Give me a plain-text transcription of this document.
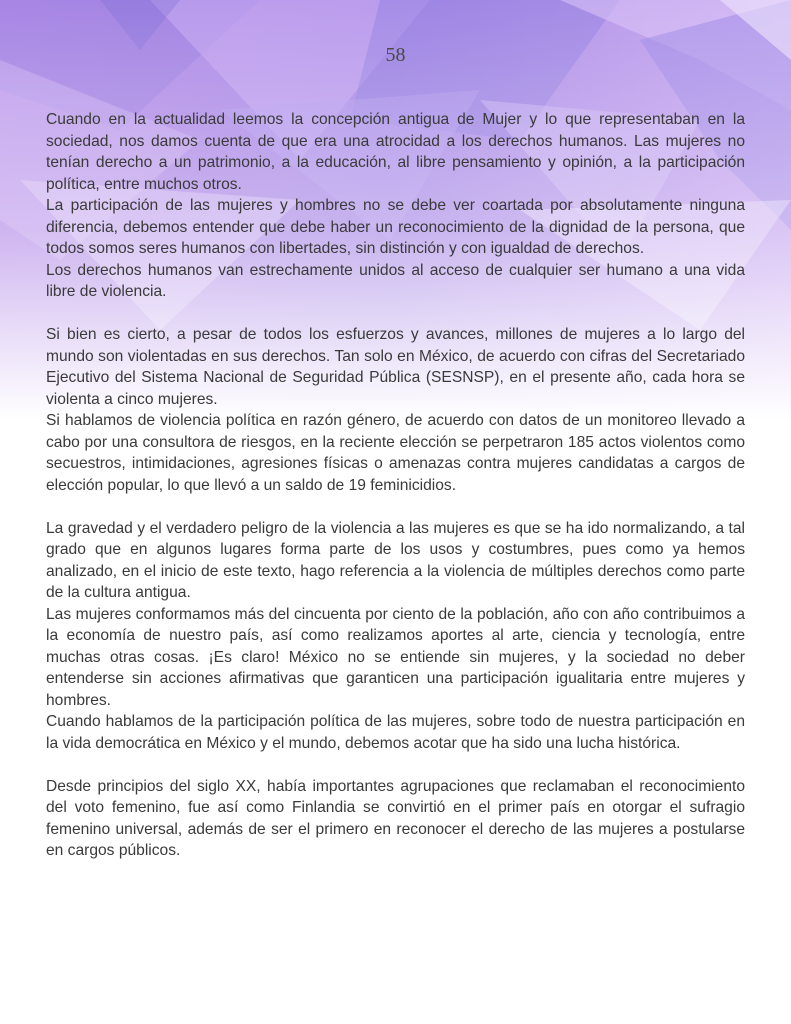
58

Cuando en la actualidad leemos la concepción antigua de Mujer y lo que representaban en la sociedad, nos damos cuenta de que era una atrocidad a los derechos humanos. Las mujeres no tenían derecho a un patrimonio, a la educación, al libre pensamiento y opinión, a la participación política, entre muchos otros.

La participación de las mujeres y hombres no se debe ver coartada por absolutamente ninguna diferencia, debemos entender que debe haber un reconocimiento de la dignidad de la persona, que todos somos seres humanos con libertades, sin distinción y con igualdad de derechos.

Los derechos humanos van estrechamente unidos al acceso de cualquier ser humano a una vida libre de violencia.

Si bien es cierto, a pesar de todos los esfuerzos y avances, millones de mujeres a lo largo del mundo son violentadas en sus derechos. Tan solo en México, de acuerdo con cifras del Secretariado Ejecutivo del Sistema Nacional de Seguridad Pública (SESNSP), en el presente año, cada hora se violenta a cinco mujeres.

Si hablamos de violencia política en razón género, de acuerdo con datos de un monitoreo llevado a cabo por una consultora de riesgos, en la reciente elección se perpetraron 185 actos violentos como secuestros, intimidaciones, agresiones físicas o amenazas contra mujeres candidatas a cargos de elección popular, lo que llevó a un saldo de 19 feminicidios.

La gravedad y el verdadero peligro de la violencia a las mujeres es que se ha ido normalizando, a tal grado que en algunos lugares forma parte de los usos y costumbres, pues como ya hemos analizado, en el inicio de este texto, hago referencia a la violencia de múltiples derechos como parte de la cultura antigua.

Las mujeres conformamos más del cincuenta por ciento de la población, año con año contribuimos a la economía de nuestro país, así como realizamos aportes al arte, ciencia y tecnología, entre muchas otras cosas. ¡Es claro! México no se entiende sin mujeres, y la sociedad no deber entenderse sin acciones afirmativas que garanticen una participación igualitaria entre mujeres y hombres.

Cuando hablamos de la participación política de las mujeres, sobre todo de nuestra participación en la vida democrática en México y el mundo, debemos acotar que ha sido una lucha histórica.

Desde principios del siglo XX, había importantes agrupaciones que reclamaban el reconocimiento del voto femenino, fue así como Finlandia se convirtió en el primer país en otorgar el sufragio femenino universal, además de ser el primero en reconocer el derecho de las mujeres a postularse en cargos públicos.
